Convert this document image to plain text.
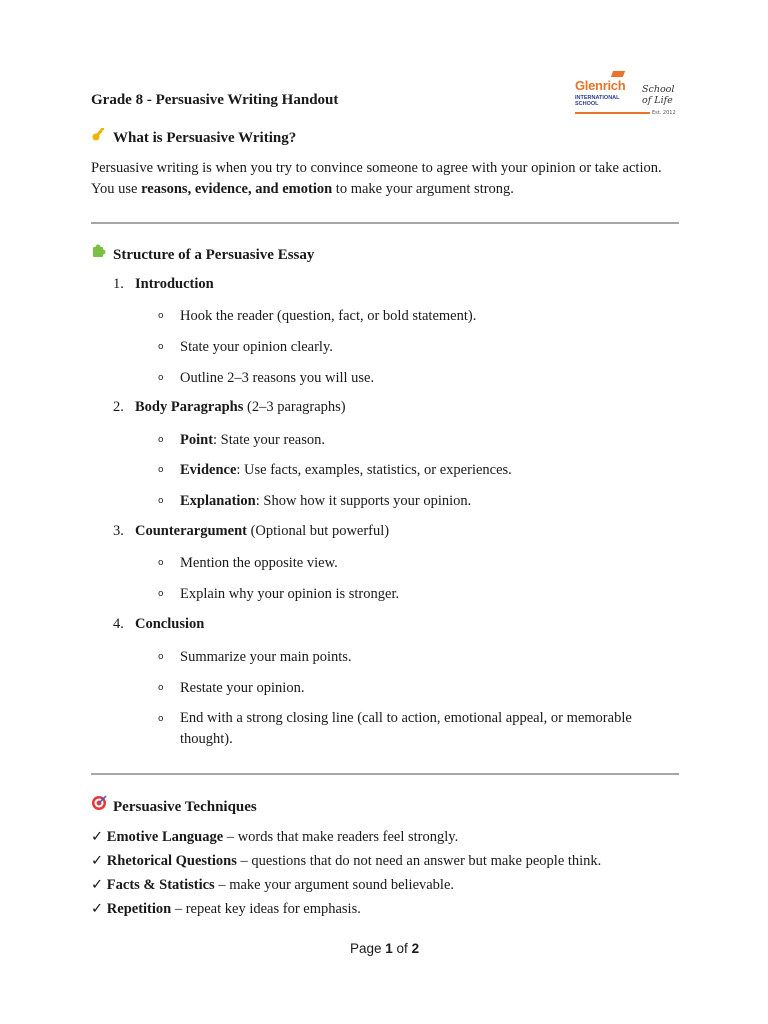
Grade 8 - Persuasive Writing Handout
Glenrich
INTERNATIONAL
SCHOOL
School
of Life
Est. 2012
What is Persuasive Writing?
Persuasive writing is when you try to convince someone to agree with your opinion or take action.
You use reasons, evidence, and emotion to make your argument strong.
Structure of a Persuasive Essay
1. Introduction
o Hook the reader (question, fact, or bold statement).
o State your opinion clearly.
o Outline 2–3 reasons you will use.
2. Body Paragraphs (2–3 paragraphs)
o Point: State your reason.
o Evidence: Use facts, examples, statistics, or experiences.
o Explanation: Show how it supports your opinion.
3. Counterargument (Optional but powerful)
o Mention the opposite view.
o Explain why your opinion is stronger.
4. Conclusion
o Summarize your main points.
o Restate your opinion.
o End with a strong closing line (call to action, emotional appeal, or memorable thought).
Persuasive Techniques
✓ Emotive Language – words that make readers feel strongly.
✓ Rhetorical Questions – questions that do not need an answer but make people think.
✓ Facts & Statistics – make your argument sound believable.
✓ Repetition – repeat key ideas for emphasis.
Page 1 of 2
